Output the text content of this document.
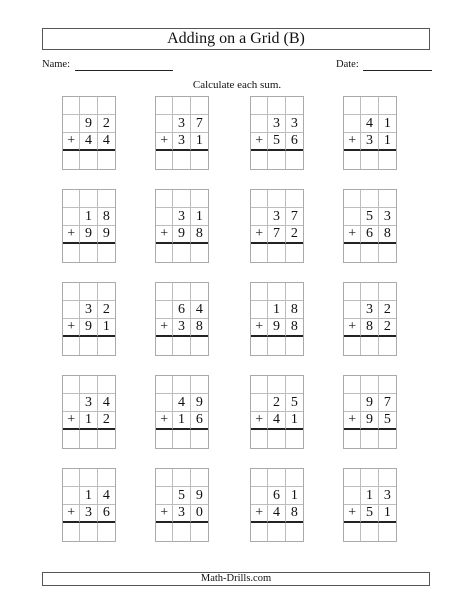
Adding on a Grid (B)
Name:	Date:
Calculate each sum.
9 2
+ 4 4
3 7
+ 3 1
3 3
+ 5 6
4 1
+ 3 1
1 8
+ 9 9
3 1
+ 9 8
3 7
+ 7 2
5 3
+ 6 8
3 2
+ 9 1
6 4
+ 3 8
1 8
+ 9 8
3 2
+ 8 2
3 4
+ 1 2
4 9
+ 1 6
2 5
+ 4 1
9 7
+ 9 5
1 4
+ 3 6
5 9
+ 3 0
6 1
+ 4 8
1 3
+ 5 1
Math-Drills.com
